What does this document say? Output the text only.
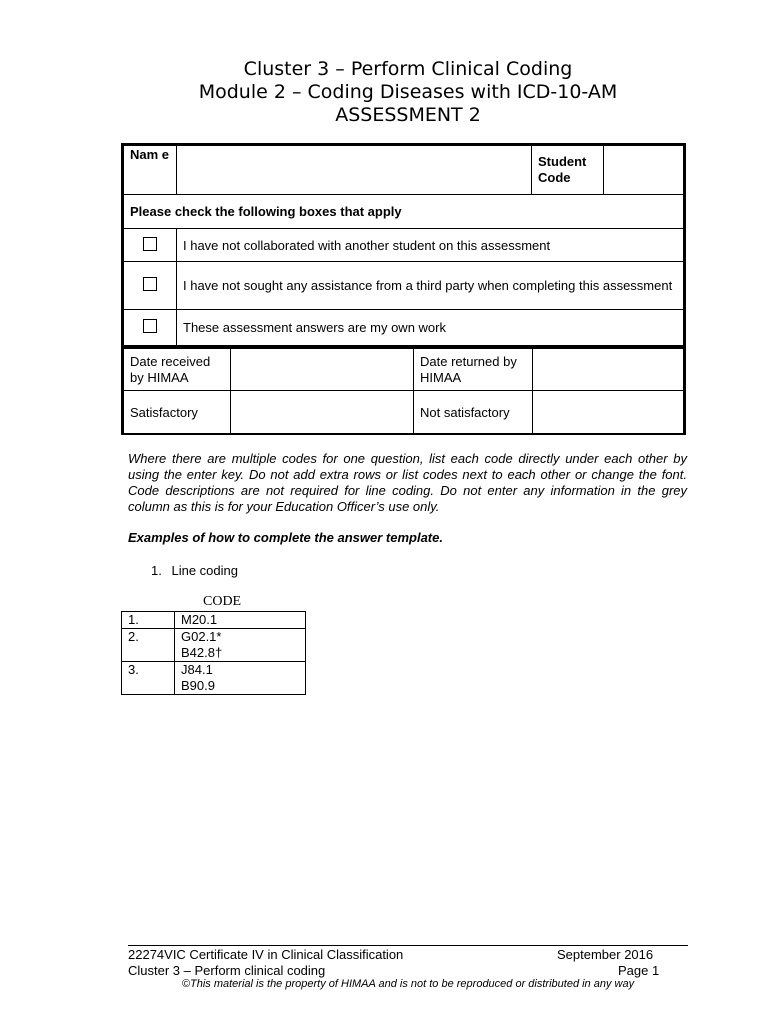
Cluster 3 – Perform Clinical Coding
Module 2 – Coding Diseases with ICD-10-AM
ASSESSMENT 2
Nam e		Student Code	
Please check the following boxes that apply			
	I have not collaborated with another student on this assessment		
	I have not sought any assistance from a third party when completing this assessment		
	These assessment answers are my own work		
Date received by HIMAA		Date returned by HIMAA	
Satisfactory		Not satisfactory	
Where there are multiple codes for one question, list each code directly under each other by using the enter key. Do not add extra rows or list codes next to each other or change the font. Code descriptions are not required for line coding. Do not enter any information in the grey column as this is for your Education Officer’s use only.
Examples of how to complete the answer template.
1. Line coding
CODE
1.	M20.1

2.	G02.1*
B42.8†

3.	J84.1
B90.9
22274VIC Certificate IV in Clinical Classification	September 2016
Cluster 3 – Perform clinical coding	Page 1
©This material is the property of HIMAA and is not to be reproduced or distributed in any way
